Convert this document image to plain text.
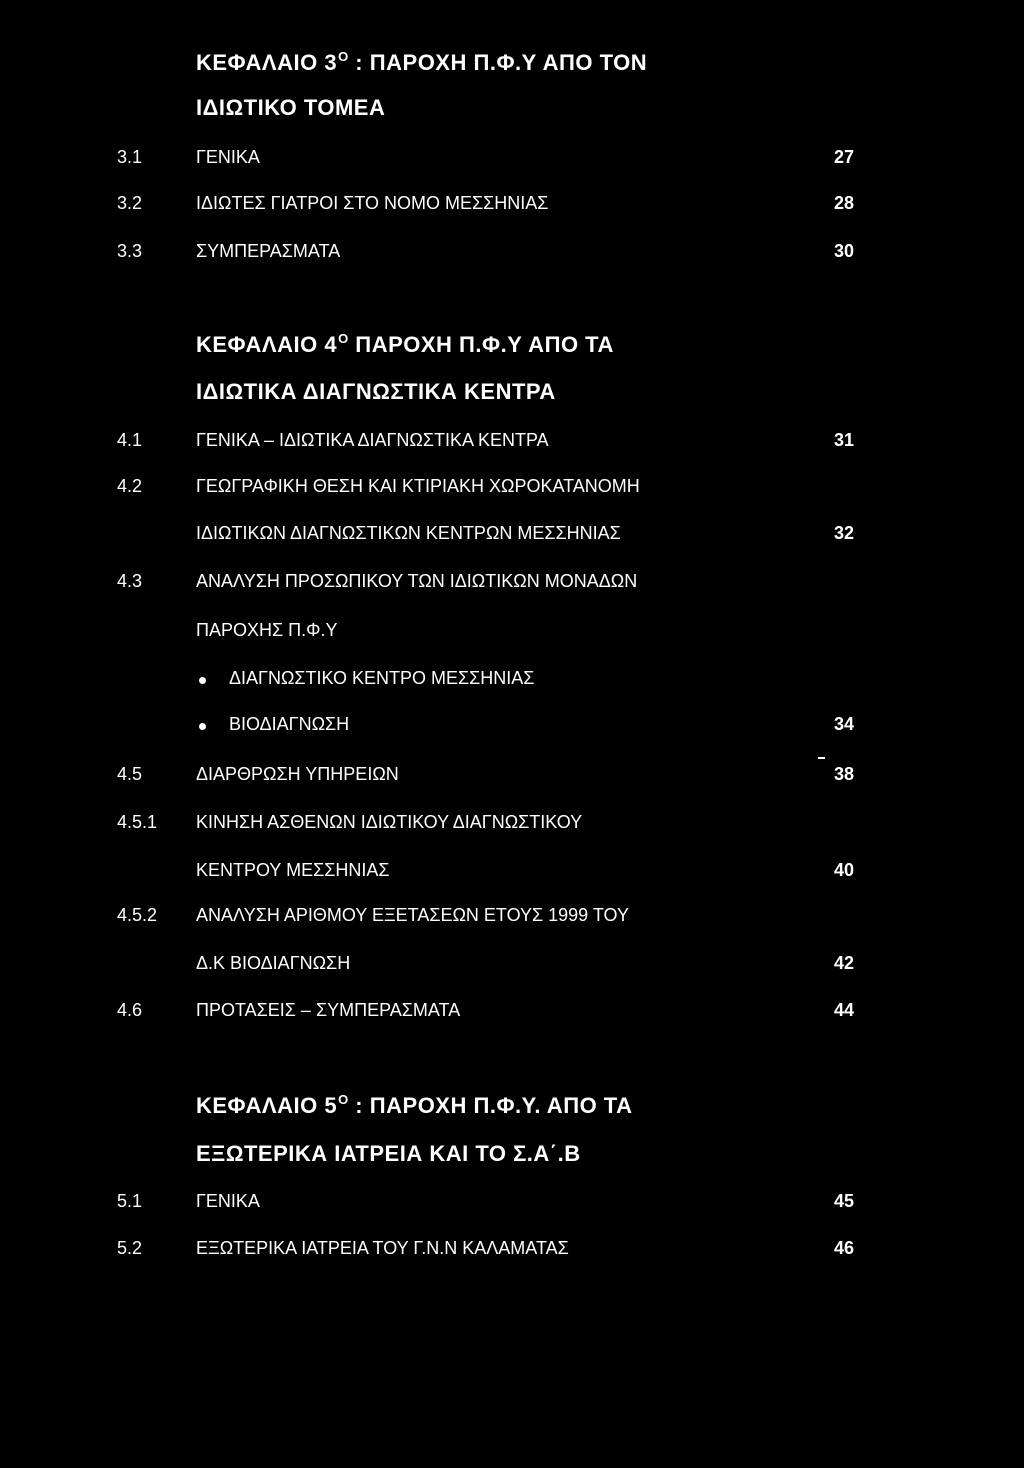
ΚΕΦΑΛΑΙΟ $3^O$ : ΠΑΡΟΧΗ Π.Φ.Υ ΑΠΟ ΤΟΝ
ΙΔΙΩΤΙΚΟ ΤΟΜΕΑ
3.1	ΓΕΝΙΚΑ	27
3.2	ΙΔΙΩΤΕΣ ΓΙΑΤΡΟΙ ΣΤΟ ΝΟΜΟ ΜΕΣΣΗΝΙΑΣ	28
3.3	ΣΥΜΠΕΡΑΣΜΑΤΑ	30
ΚΕΦΑΛΑΙΟ $4^O$ ΠΑΡΟΧΗ Π.Φ.Υ ΑΠΟ ΤΑ
ΙΔΙΩΤΙΚΑ ΔΙΑΓΝΩΣΤΙΚΑ ΚΕΝΤΡΑ
4.1	ΓΕΝΙΚΑ – ΙΔΙΩΤΙΚΑ ΔΙΑΓΝΩΣΤΙΚΑ ΚΕΝΤΡΑ	31
4.2	ΓΕΩΓΡΑΦΙΚΗ ΘΕΣΗ ΚΑΙ ΚΤΙΡΙΑΚΗ ΧΩΡΟΚΑΤΑΝΟΜΗ
ΙΔΙΩΤΙΚΩΝ ΔΙΑΓΝΩΣΤΙΚΩΝ ΚΕΝΤΡΩΝ ΜΕΣΣΗΝΙΑΣ	32
4.3	ΑΝΑΛΥΣΗ ΠΡΟΣΩΠΙΚΟΥ ΤΩΝ ΙΔΙΩΤΙΚΩΝ ΜΟΝΑΔΩΝ
ΠΑΡΟΧΗΣ Π.Φ.Υ
ΔΙΑΓΝΩΣΤΙΚΟ ΚΕΝΤΡΟ ΜΕΣΣΗΝΙΑΣ
ΒΙΟΔΙΑΓΝΩΣΗ	34
4.5	ΔΙΑΡΘΡΩΣΗ ΥΠΗΡΕΙΩΝ	38
4.5.1 ΚΙΝΗΣΗ ΑΣΘΕΝΩΝ ΙΔΙΩΤΙΚΟΥ ΔΙΑΓΝΩΣΤΙΚΟΥ
ΚΕΝΤΡΟΥ ΜΕΣΣΗΝΙΑΣ	40
4.5.2 ΑΝΑΛΥΣΗ ΑΡΙΘΜΟΥ ΕΞΕΤΑΣΕΩΝ ΕΤΟΥΣ 1999 ΤΟΥ
Δ.Κ ΒΙΟΔΙΑΓΝΩΣΗ	42
4.6	ΠΡΟΤΑΣΕΙΣ – ΣΥΜΠΕΡΑΣΜΑΤΑ	44
ΚΕΦΑΛΑΙΟ $5^O$ : ΠΑΡΟΧΗ Π.Φ.Υ. ΑΠΟ ΤΑ
ΕΞΩΤΕΡΙΚΑ ΙΑΤΡΕΙΑ ΚΑΙ ΤΟ Σ.Α΄.Β
5.1	ΓΕΝΙΚΑ	45
5.2	ΕΞΩΤΕΡΙΚΑ ΙΑΤΡΕΙΑ ΤΟΥ Γ.Ν.Ν ΚΑΛΑΜΑΤΑΣ	46
